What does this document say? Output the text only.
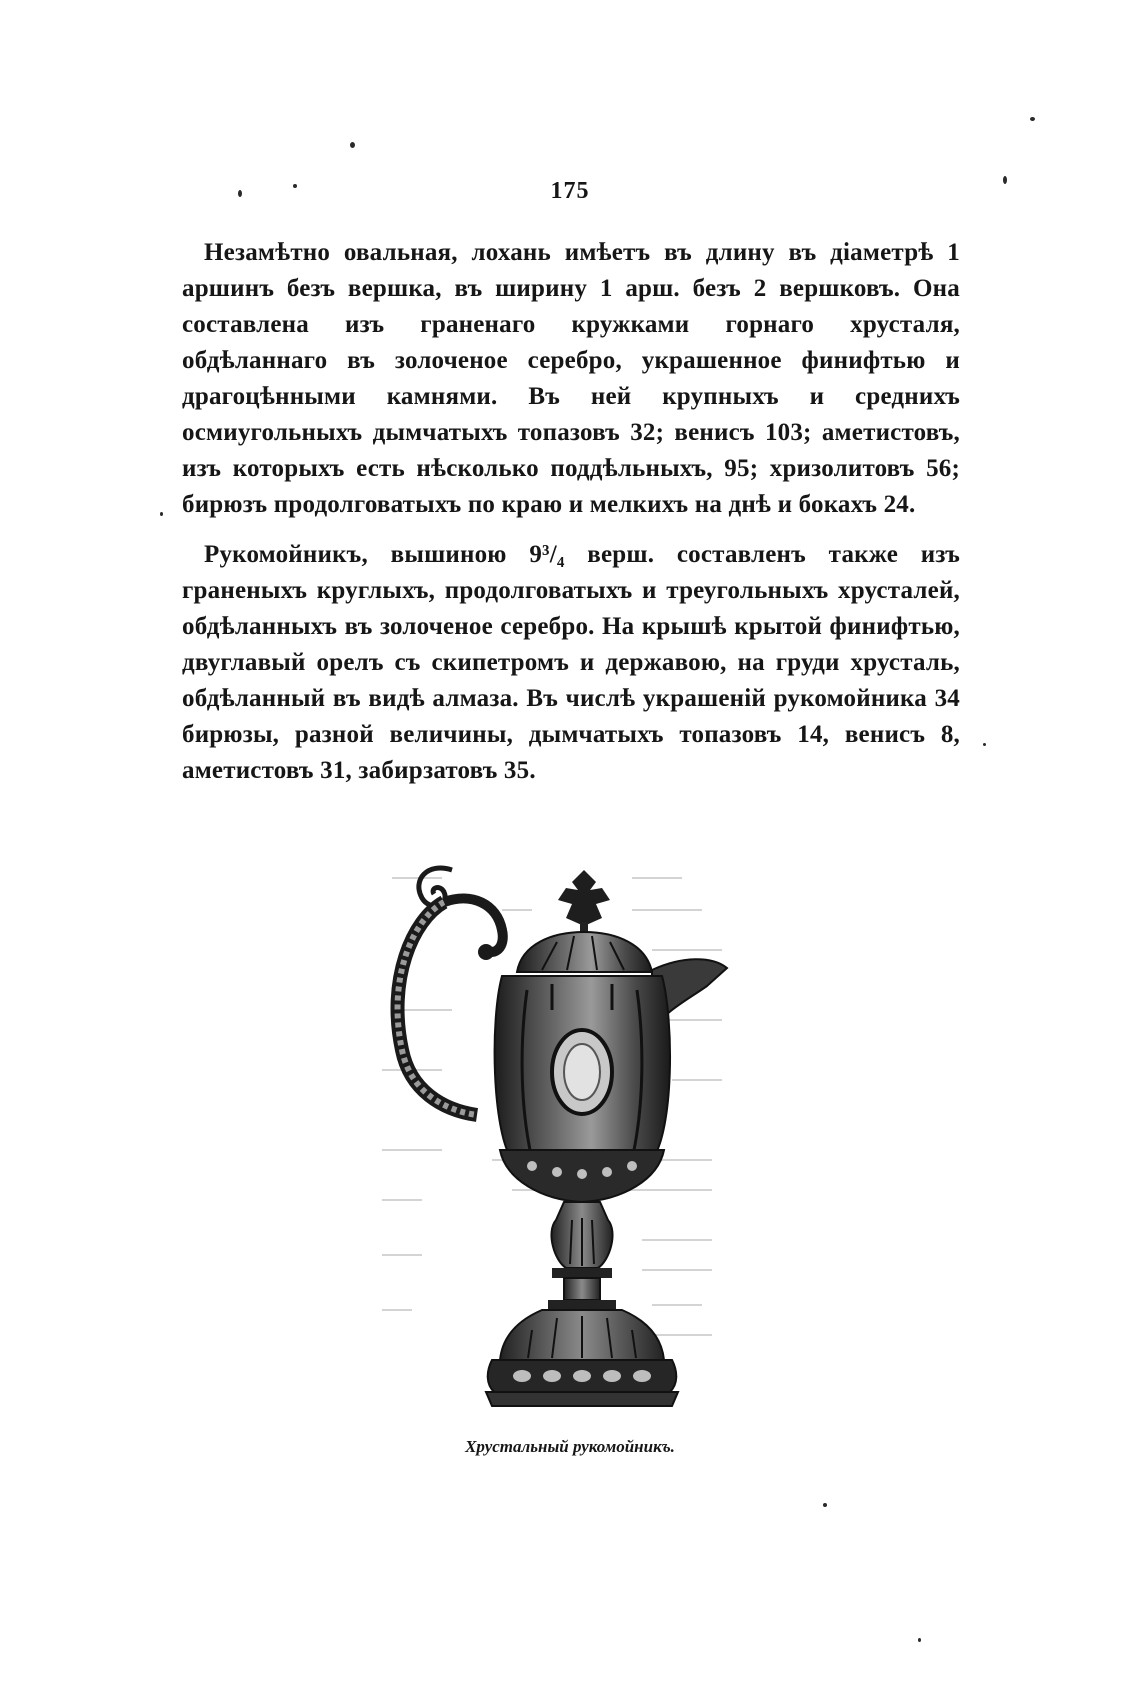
175

Незамѣтно овальная, лохань имѣетъ въ длину въ діаметрѣ 1 аршинъ безъ вершка, въ ширину 1 арш. безъ 2 вершковъ. Она составлена изъ граненаго кружками горнаго хрусталя, обдѣланнаго въ золоченое серебро, украшенное финифтью и драгоцѣнными камнями. Въ ней крупныхъ и среднихъ осмиугольныхъ дымчатыхъ топазовъ 32; венисъ 103; аметистовъ, изъ которыхъ есть нѣсколько поддѣльныхъ, 95; хризолитовъ 56; бирюзъ продолговатыхъ по краю и мелкихъ на днѣ и бокахъ 24.

Рукомойникъ, вышиною 9³/₄ верш. составленъ также изъ граненыхъ круглыхъ, продолговатыхъ и треугольныхъ хрусталей, обдѣланныхъ въ золоченое серебро. На крышѣ крытой финифтью, двуглавый орелъ съ скипетромъ и державою, на груди хрусталь, обдѣланный въ видѣ алмаза. Въ числѣ украшеній рукомойника 34 бирюзы, разной величины, дымчатыхъ топазовъ 14, венисъ 8, аметистовъ 31, забирзатовъ 35.

Хрустальный рукомойникъ.
